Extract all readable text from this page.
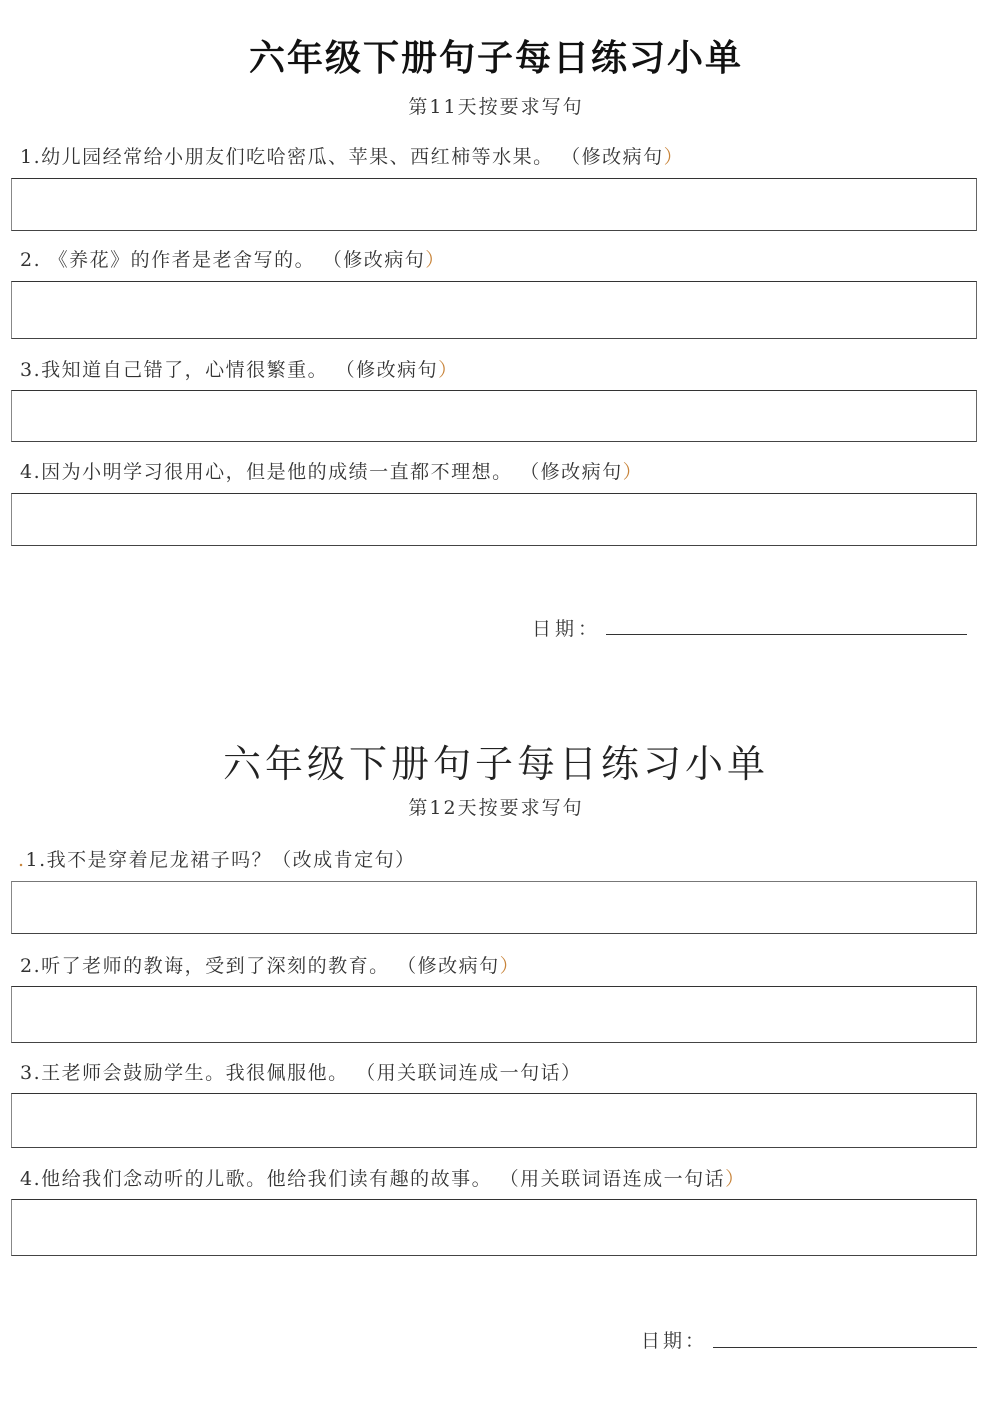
六年级下册句子每日练习小单
第11天按要求写句
1.幼儿园经常给小朋友们吃哈密瓜、苹果、西红柿等水果。 （修改病句）
2. 《养花》的作者是老舍写的。 （修改病句）
3.我知道自己错了，心情很繁重。 （修改病句）
4.因为小明学习很用心，但是他的成绩一直都不理想。 （修改病句）
日期：
六年级下册句子每日练习小单
第12天按要求写句
.1.我不是穿着尼龙裙子吗？（改成肯定句）
2.听了老师的教诲，受到了深刻的教育。 （修改病句）
3.王老师会鼓励学生。我很佩服他。 （用关联词连成一句话）
4.他给我们念动听的儿歌。他给我们读有趣的故事。 （用关联词语连成一句话）
日期：
